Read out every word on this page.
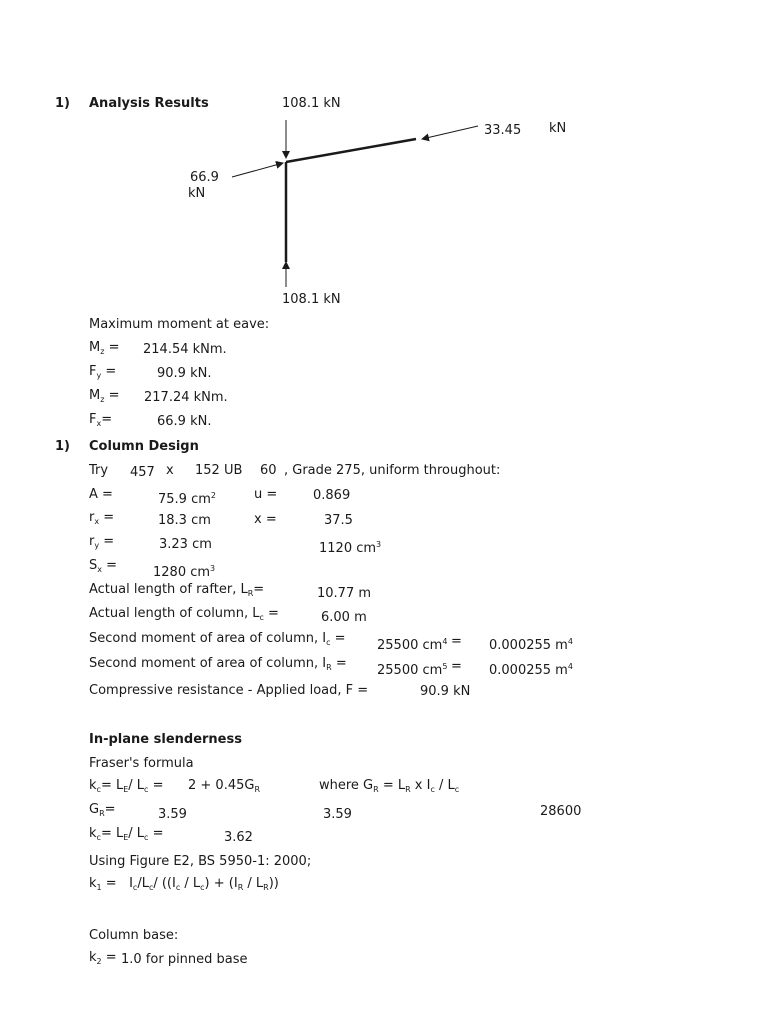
1) Analysis Results	108.1 kN
33.45 kN
66.9
kN
108.1 kN
Maximum moment at eave:
$M_z = 214.54$ kNm.
$F_y$ =	90.9 kN.
$M_z = 217.24$ kNm.
$F_x=$	66.9 kN.
1) Column Design
Try 457 x 152 UB 60 , Grade 275, uniform throughout:
A =	75.9 $cm^2$	u =	0.869
$r_x$ =	18.3 cm	x =	37.5
$r_y$ =	3.23 cm	1120 $cm^3$
$S_x$ =	1280 $cm^3$
Actual length of rafter, $L_R=$	10.77 m
Actual length of column, $L_c$ =	6.00 m
Second moment of area of column, $I_c = 25500$ $cm^4 = 0.000255$ $m^4$
Second moment of area of column, $I_R = 25500$ $cm^5 = 0.000255$ $m^4$
Compressive resistance - Applied load, F =	90.9 kN
In-plane slenderness
Fraser's formula
$k_c= L_E/$ $L_c = 2 + 0.45G_R$	where $G_R = L_R$ x $I_c / L_c$
$G_R=$	3.59	3.59	28600
$k_c= L_E/$ $L_c$ =	3.62
Using Figure E2, BS 5950-1: 2000;
$k_1 = I_c/L_c/$ $((I_c / L_c) + (I_R / L_R))$
Column base:
$k_2 = 1.0$ for pinned base
